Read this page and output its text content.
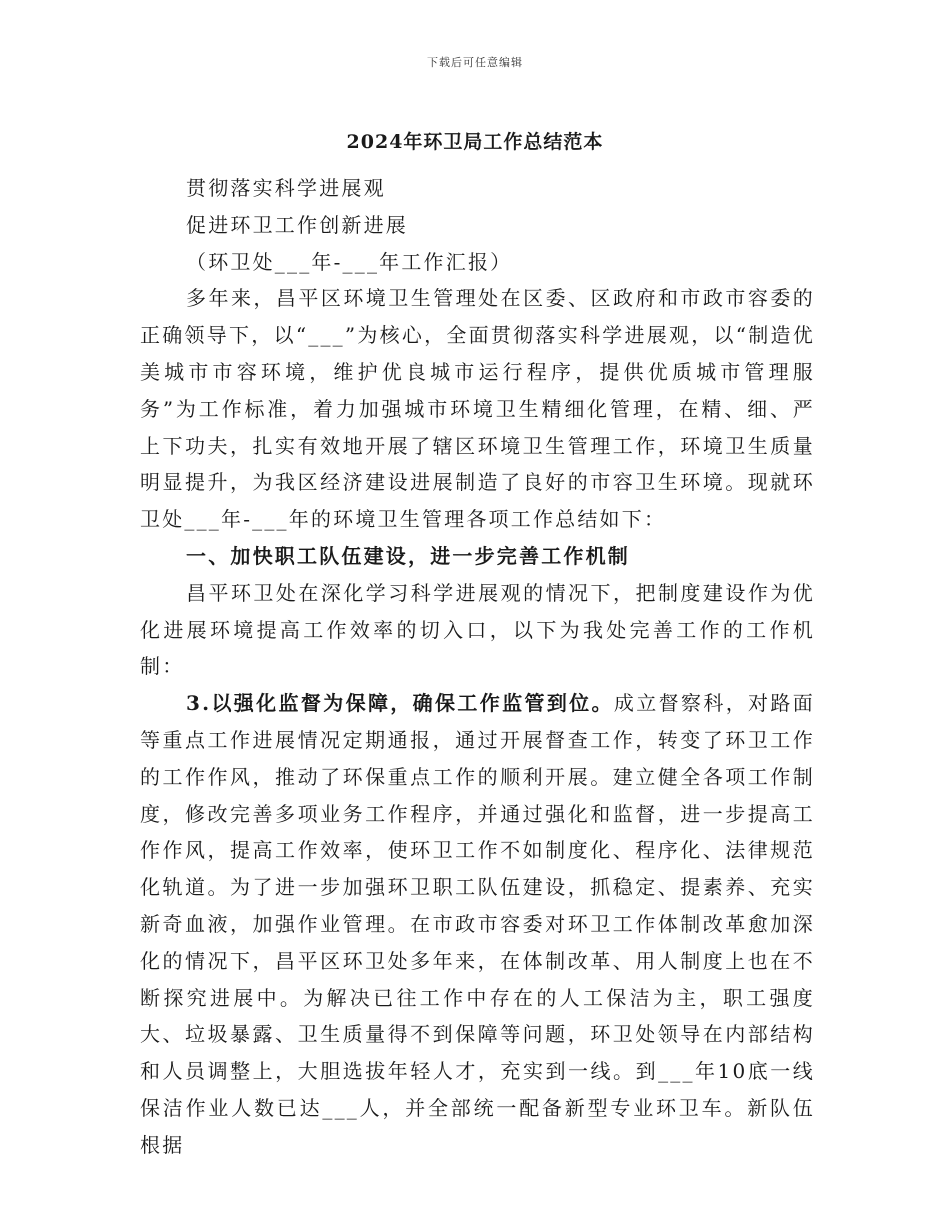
下载后可任意编辑
2024年环卫局工作总结范本

贯彻落实科学进展观

促进环卫工作创新进展

（环卫处___年-___年工作汇报）

多年来，昌平区环境卫生管理处在区委、区政府和市政市容委的正确领导下，以“___”为核心，全面贯彻落实科学进展观，以“制造优美城市市容环境，维护优良城市运行程序，提供优质城市管理服务”为工作标准，着力加强城市环境卫生精细化管理，在精、细、严上下功夫，扎实有效地开展了辖区环境卫生管理工作，环境卫生质量明显提升，为我区经济建设进展制造了良好的市容卫生环境。现就环卫处___年-___年的环境卫生管理各项工作总结如下：

一、加快职工队伍建设，进一步完善工作机制

昌平环卫处在深化学习科学进展观的情况下，把制度建设作为优化进展环境提高工作效率的切入口，以下为我处完善工作的工作机制：

3.以强化监督为保障，确保工作监管到位。成立督察科，对路面等重点工作进展情况定期通报，通过开展督查工作，转变了环卫工作的工作作风，推动了环保重点工作的顺利开展。建立健全各项工作制度，修改完善多项业务工作程序，并通过强化和监督，进一步提高工作作风，提高工作效率，使环卫工作不如制度化、程序化、法律规范化轨道。为了进一步加强环卫职工队伍建设，抓稳定、提素养、充实新奇血液，加强作业管理。在市政市容委对环卫工作体制改革愈加深化的情况下，昌平区环卫处多年来，在体制改革、用人制度上也在不断探究进展中。为解决已往工作中存在的人工保洁为主，职工强度大、垃圾暴露、卫生质量得不到保障等问题，环卫处领导在内部结构和人员调整上，大胆选拔年轻人才，充实到一线。到___年10底一线保洁作业人数已达___人，并全部统一配备新型专业环卫车。新队伍根据
